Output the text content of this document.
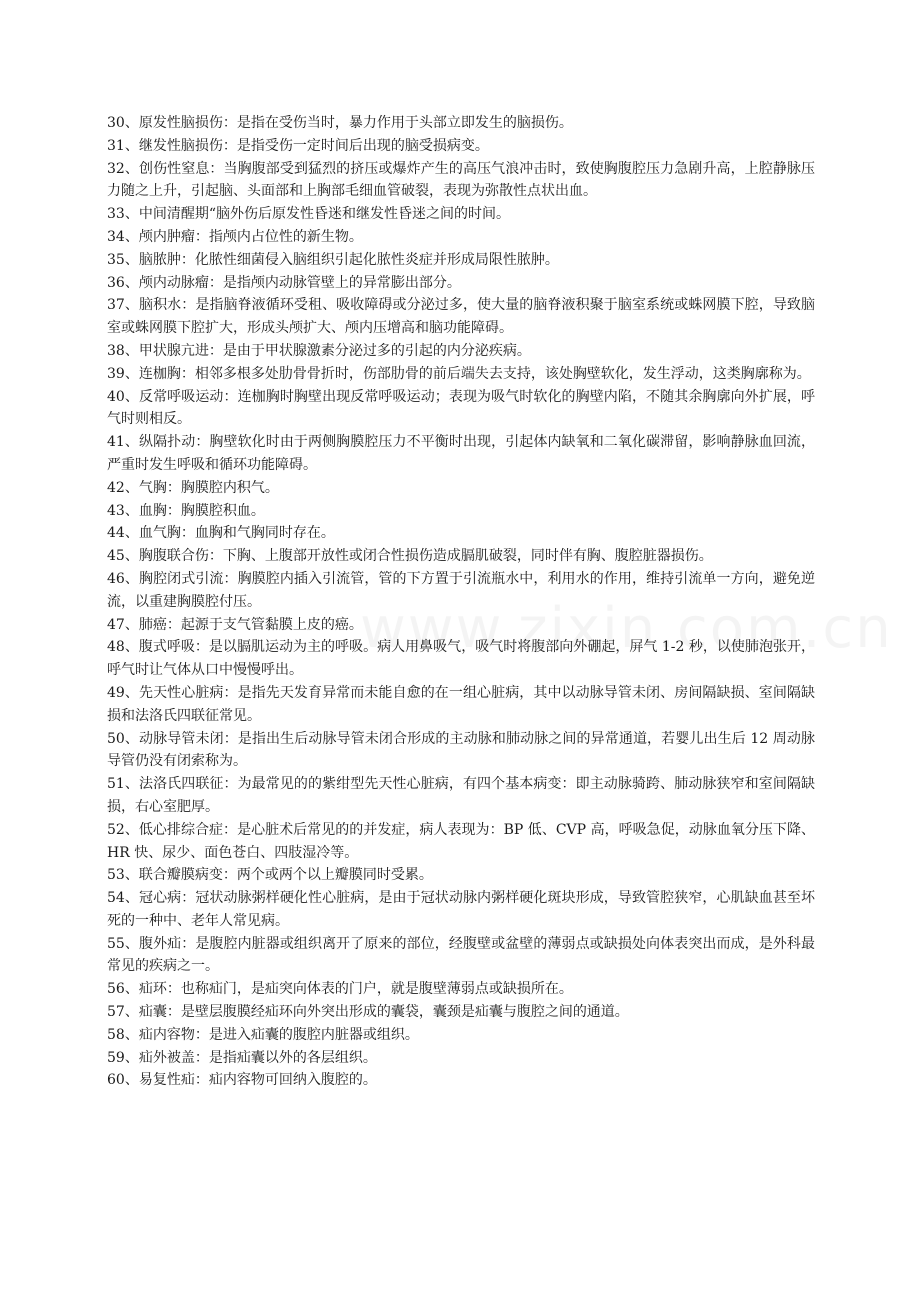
30、原发性脑损伤：是指在受伤当时，暴力作用于头部立即发生的脑损伤。

31、继发性脑损伤：是指受伤一定时间后出现的脑受损病变。

32、创伤性窒息：当胸腹部受到猛烈的挤压或爆炸产生的高压气浪冲击时，致使胸腹腔压力急剧升高，上腔静脉压力随之上升，引起脑、头面部和上胸部毛细血管破裂，表现为弥散性点状出血。

33、中间清醒期“脑外伤后原发性昏迷和继发性昏迷之间的时间。

34、颅内肿瘤：指颅内占位性的新生物。

35、脑脓肿：化脓性细菌侵入脑组织引起化脓性炎症并形成局限性脓肿。

36、颅内动脉瘤：是指颅内动脉管壁上的异常膨出部分。

37、脑积水：是指脑脊液循环受租、吸收障碍或分泌过多，使大量的脑脊液积聚于脑室系统或蛛网膜下腔，导致脑室或蛛网膜下腔扩大，形成头颅扩大、颅内压增高和脑功能障碍。

38、甲状腺亢进：是由于甲状腺激素分泌过多的引起的内分泌疾病。

39、连枷胸：相邻多根多处肋骨骨折时，伤部肋骨的前后端失去支持，该处胸壁软化，发生浮动，这类胸廓称为。

40、反常呼吸运动：连枷胸时胸壁出现反常呼吸运动；表现为吸气时软化的胸壁内陷，不随其余胸廓向外扩展，呼气时则相反。

41、纵隔扑动：胸壁软化时由于两侧胸膜腔压力不平衡时出现，引起体内缺氧和二氧化碳滞留，影响静脉血回流，严重时发生呼吸和循环功能障碍。

42、气胸：胸膜腔内积气。

43、血胸：胸膜腔积血。

44、血气胸：血胸和气胸同时存在。

45、胸腹联合伤：下胸、上腹部开放性或闭合性损伤造成膈肌破裂，同时伴有胸、腹腔脏器损伤。

46、胸腔闭式引流：胸膜腔内插入引流管，管的下方置于引流瓶水中，利用水的作用，维持引流单一方向，避免逆流，以重建胸膜腔付压。

47、肺癌：起源于支气管黏膜上皮的癌。

48、腹式呼吸：是以膈肌运动为主的呼吸。病人用鼻吸气，吸气时将腹部向外硼起，屏气 1-2 秒，以使肺泡张开，呼气时让气体从口中慢慢呼出。

49、先天性心脏病：是指先天发育异常而未能自愈的在一组心脏病，其中以动脉导管未闭、房间隔缺损、室间隔缺损和法洛氏四联征常见。

50、动脉导管未闭：是指出生后动脉导管未闭合形成的主动脉和肺动脉之间的异常通道，若婴儿出生后 12 周动脉导管仍没有闭索称为。

51、法洛氏四联征：为最常见的的紫绀型先天性心脏病，有四个基本病变：即主动脉骑跨、肺动脉狭窄和室间隔缺损，右心室肥厚。

52、低心排综合症：是心脏术后常见的的并发症，病人表现为：BP 低、CVP 高，呼吸急促，动脉血氧分压下降、HR 快、尿少、面色苍白、四肢湿冷等。

53、联合瓣膜病变：两个或两个以上瓣膜同时受累。

54、冠心病：冠状动脉粥样硬化性心脏病，是由于冠状动脉内粥样硬化斑块形成，导致管腔狭窄，心肌缺血甚至坏死的一种中、老年人常见病。

55、腹外疝：是腹腔内脏器或组织离开了原来的部位，经腹壁或盆壁的薄弱点或缺损处向体表突出而成，是外科最常见的疾病之一。

56、疝环：也称疝门，是疝突向体表的门户，就是腹壁薄弱点或缺损所在。

57、疝囊：是壁层腹膜经疝环向外突出形成的囊袋，囊颈是疝囊与腹腔之间的通道。

58、疝内容物：是进入疝囊的腹腔内脏器或组织。

59、疝外被盖：是指疝囊以外的各层组织。

60、易复性疝：疝内容物可回纳入腹腔的。
